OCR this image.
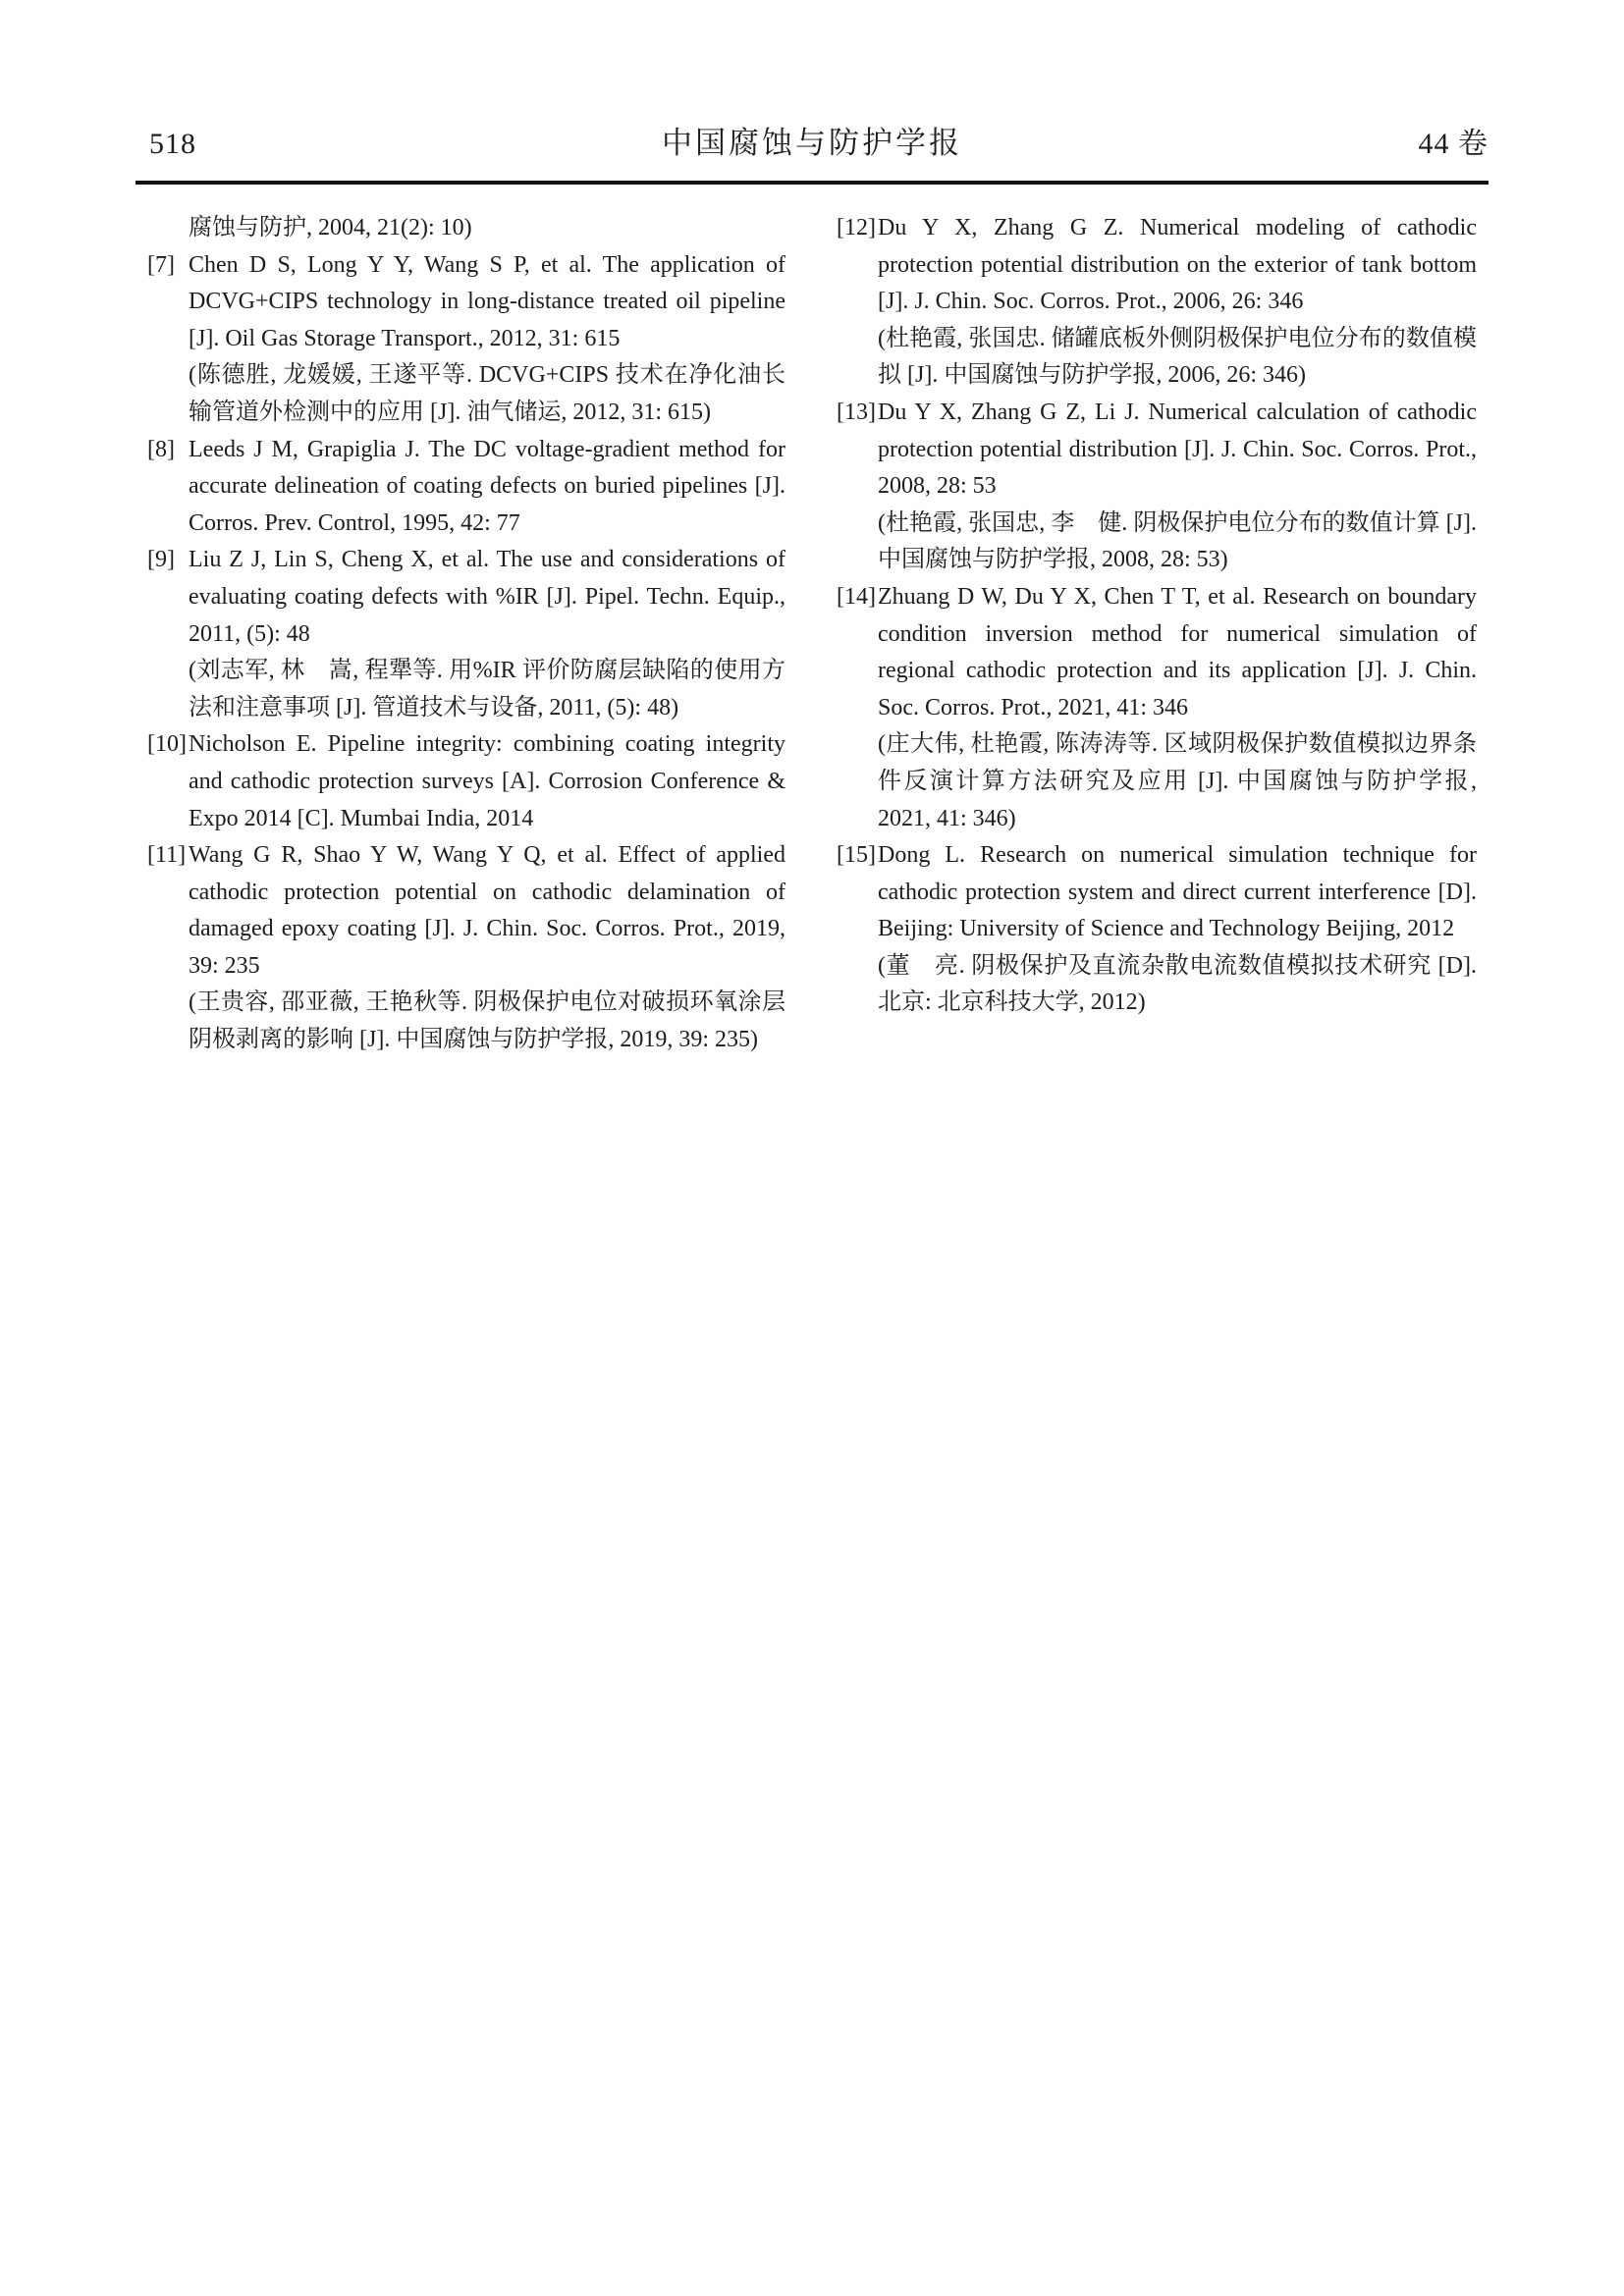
518	中国腐蚀与防护学报	44 卷
腐蚀与防护, 2004, 21(2): 10)
[7] Chen D S, Long Y Y, Wang S P, et al. The application of DCVG+CIPS technology in long-distance treated oil pipeline [J]. Oil Gas Storage Transport., 2012, 31: 615
(陈德胜, 龙媛媛, 王遂平等. DCVG+CIPS 技术在净化油长输管道外检测中的应用 [J]. 油气储运, 2012, 31: 615)
[8] Leeds J M, Grapiglia J. The DC voltage-gradient method for accurate delineation of coating defects on buried pipelines [J]. Corros. Prev. Control, 1995, 42: 77
[9] Liu Z J, Lin S, Cheng X, et al. The use and considerations of evaluating coating defects with %IR [J]. Pipel. Techn. Equip., 2011, (5): 48
(刘志军, 林　嵩, 程犟等. 用%IR 评价防腐层缺陷的使用方法和注意事项 [J]. 管道技术与设备, 2011, (5): 48)
[10]Nicholson E. Pipeline integrity: combining coating integrity and cathodic protection surveys [A]. Corrosion Conference & Expo 2014 [C]. Mumbai India, 2014
[11] Wang G R, Shao Y W, Wang Y Q, et al. Effect of applied cathodic protection potential on cathodic delamination of damaged epoxy coating [J]. J. Chin. Soc. Corros. Prot., 2019, 39: 235
(王贵容, 邵亚薇, 王艳秋等. 阴极保护电位对破损环氧涂层阴极剥离的影响 [J]. 中国腐蚀与防护学报, 2019, 39: 235)
[12]Du Y X, Zhang G Z. Numerical modeling of cathodic protection potential distribution on the exterior of tank bottom [J]. J. Chin. Soc. Corros. Prot., 2006, 26: 346
(杜艳霞, 张国忠. 储罐底板外侧阴极保护电位分布的数值模拟 [J]. 中国腐蚀与防护学报, 2006, 26: 346)
[13]Du Y X, Zhang G Z, Li J. Numerical calculation of cathodic protection potential distribution [J]. J. Chin. Soc. Corros. Prot., 2008, 28: 53
(杜艳霞, 张国忠, 李　健. 阴极保护电位分布的数值计算 [J]. 中国腐蚀与防护学报, 2008, 28: 53)
[14]Zhuang D W, Du Y X, Chen T T, et al. Research on boundary condition inversion method for numerical simulation of regional cathodic protection and its application [J]. J. Chin. Soc. Corros. Prot., 2021, 41: 346
(庄大伟, 杜艳霞, 陈涛涛等. 区域阴极保护数值模拟边界条件反演计算方法研究及应用 [J]. 中国腐蚀与防护学报, 2021, 41: 346)
[15]Dong L. Research on numerical simulation technique for cathodic protection system and direct current interference [D]. Beijing: University of Science and Technology Beijing, 2012
(董　亮. 阴极保护及直流杂散电流数值模拟技术研究 [D]. 北京: 北京科技大学, 2012)
